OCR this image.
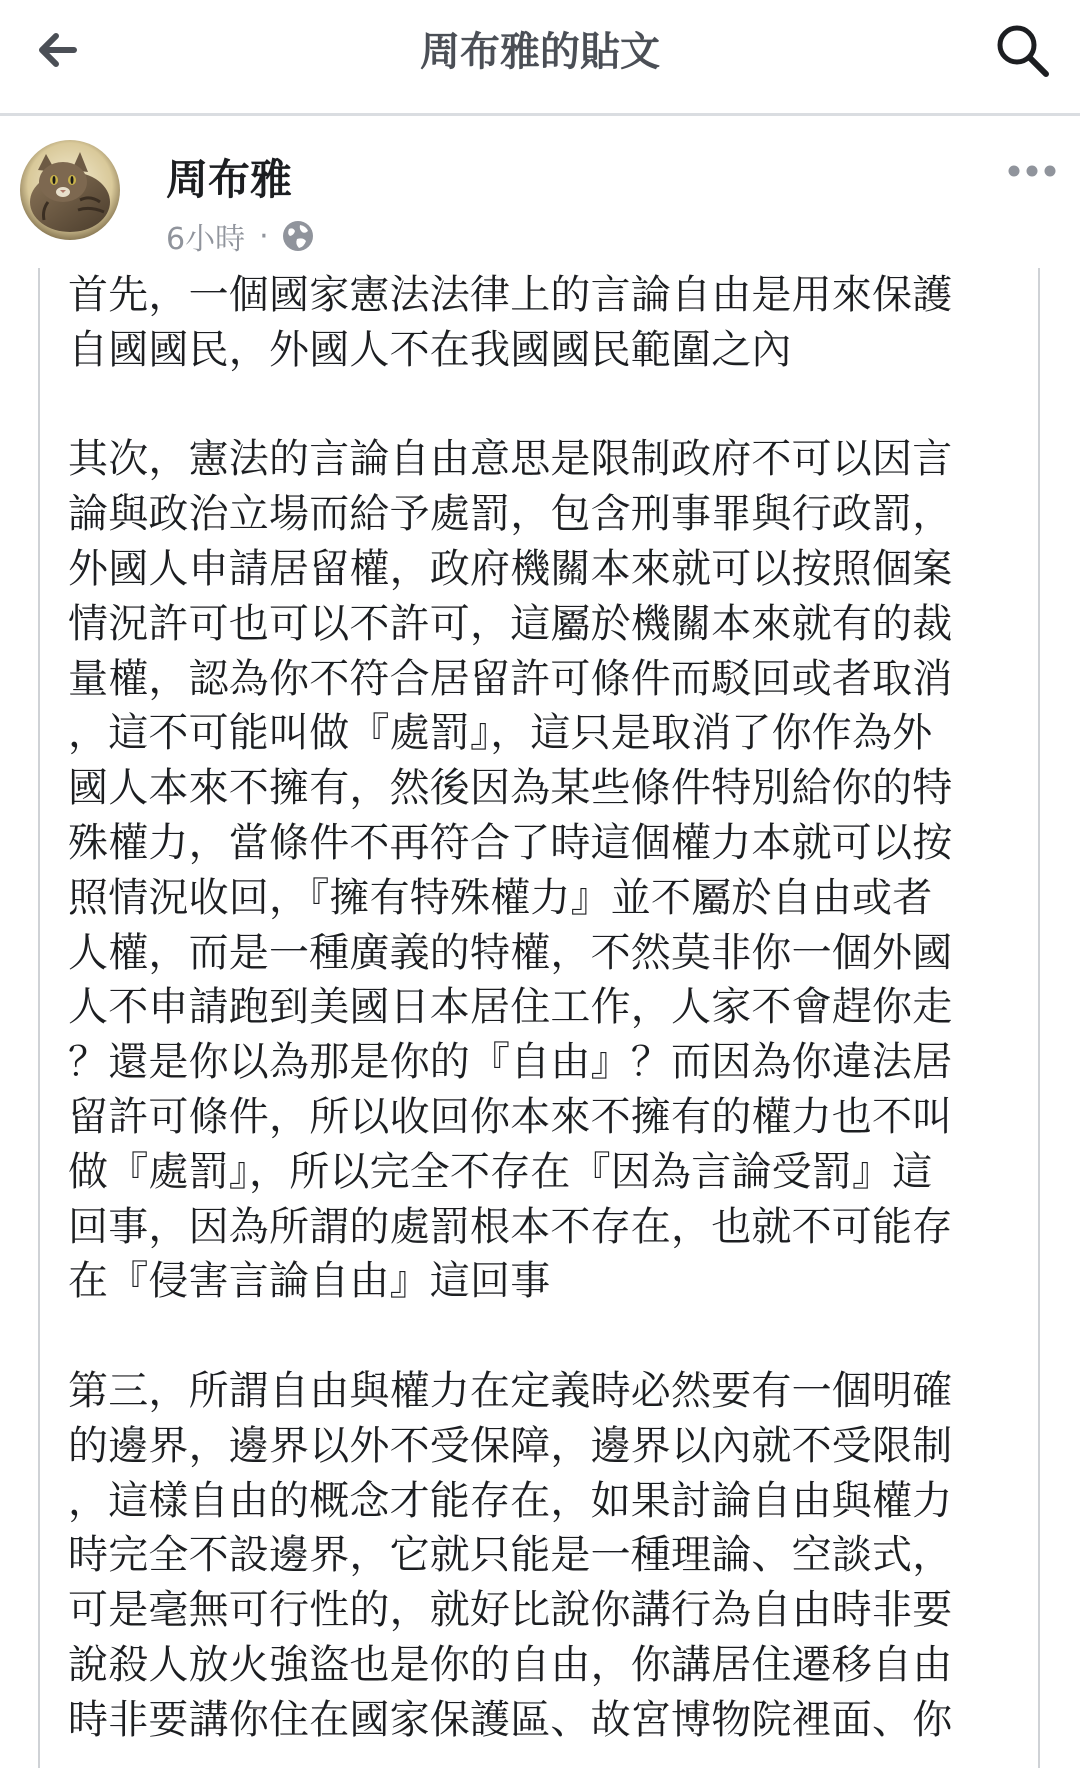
周布雅的貼文
周布雅
6小時 ·
首先，一個國家憲法法律上的言論自由是用來保護
自國國民，外國人不在我國國民範圍之內
其次，憲法的言論自由意思是限制政府不可以因言
論與政治立場而給予處罰，包含刑事罪與行政罰，
外國人申請居留權，政府機關本來就可以按照個案
情況許可也可以不許可，這屬於機關本來就有的裁
量權，認為你不符合居留許可條件而駁回或者取消
，這不可能叫做『處罰』，這只是取消了你作為外
國人本來不擁有，然後因為某些條件特別給你的特
殊權力，當條件不再符合了時這個權力本就可以按
照情況收回，『擁有特殊權力』並不屬於自由或者
人權，而是一種廣義的特權，不然莫非你一個外國
人不申請跑到美國日本居住工作，人家不會趕你走
？還是你以為那是你的『自由』？而因為你違法居
留許可條件，所以收回你本來不擁有的權力也不叫
做『處罰』，所以完全不存在『因為言論受罰』這
回事，因為所謂的處罰根本不存在，也就不可能存
在『侵害言論自由』這回事
第三，所謂自由與權力在定義時必然要有一個明確
的邊界，邊界以外不受保障，邊界以內就不受限制
，這樣自由的概念才能存在，如果討論自由與權力
時完全不設邊界，它就只能是一種理論、空談式，
可是毫無可行性的，就好比說你講行為自由時非要
說殺人放火強盜也是你的自由，你講居住遷移自由
時非要講你住在國家保護區、故宮博物院裡面、你
